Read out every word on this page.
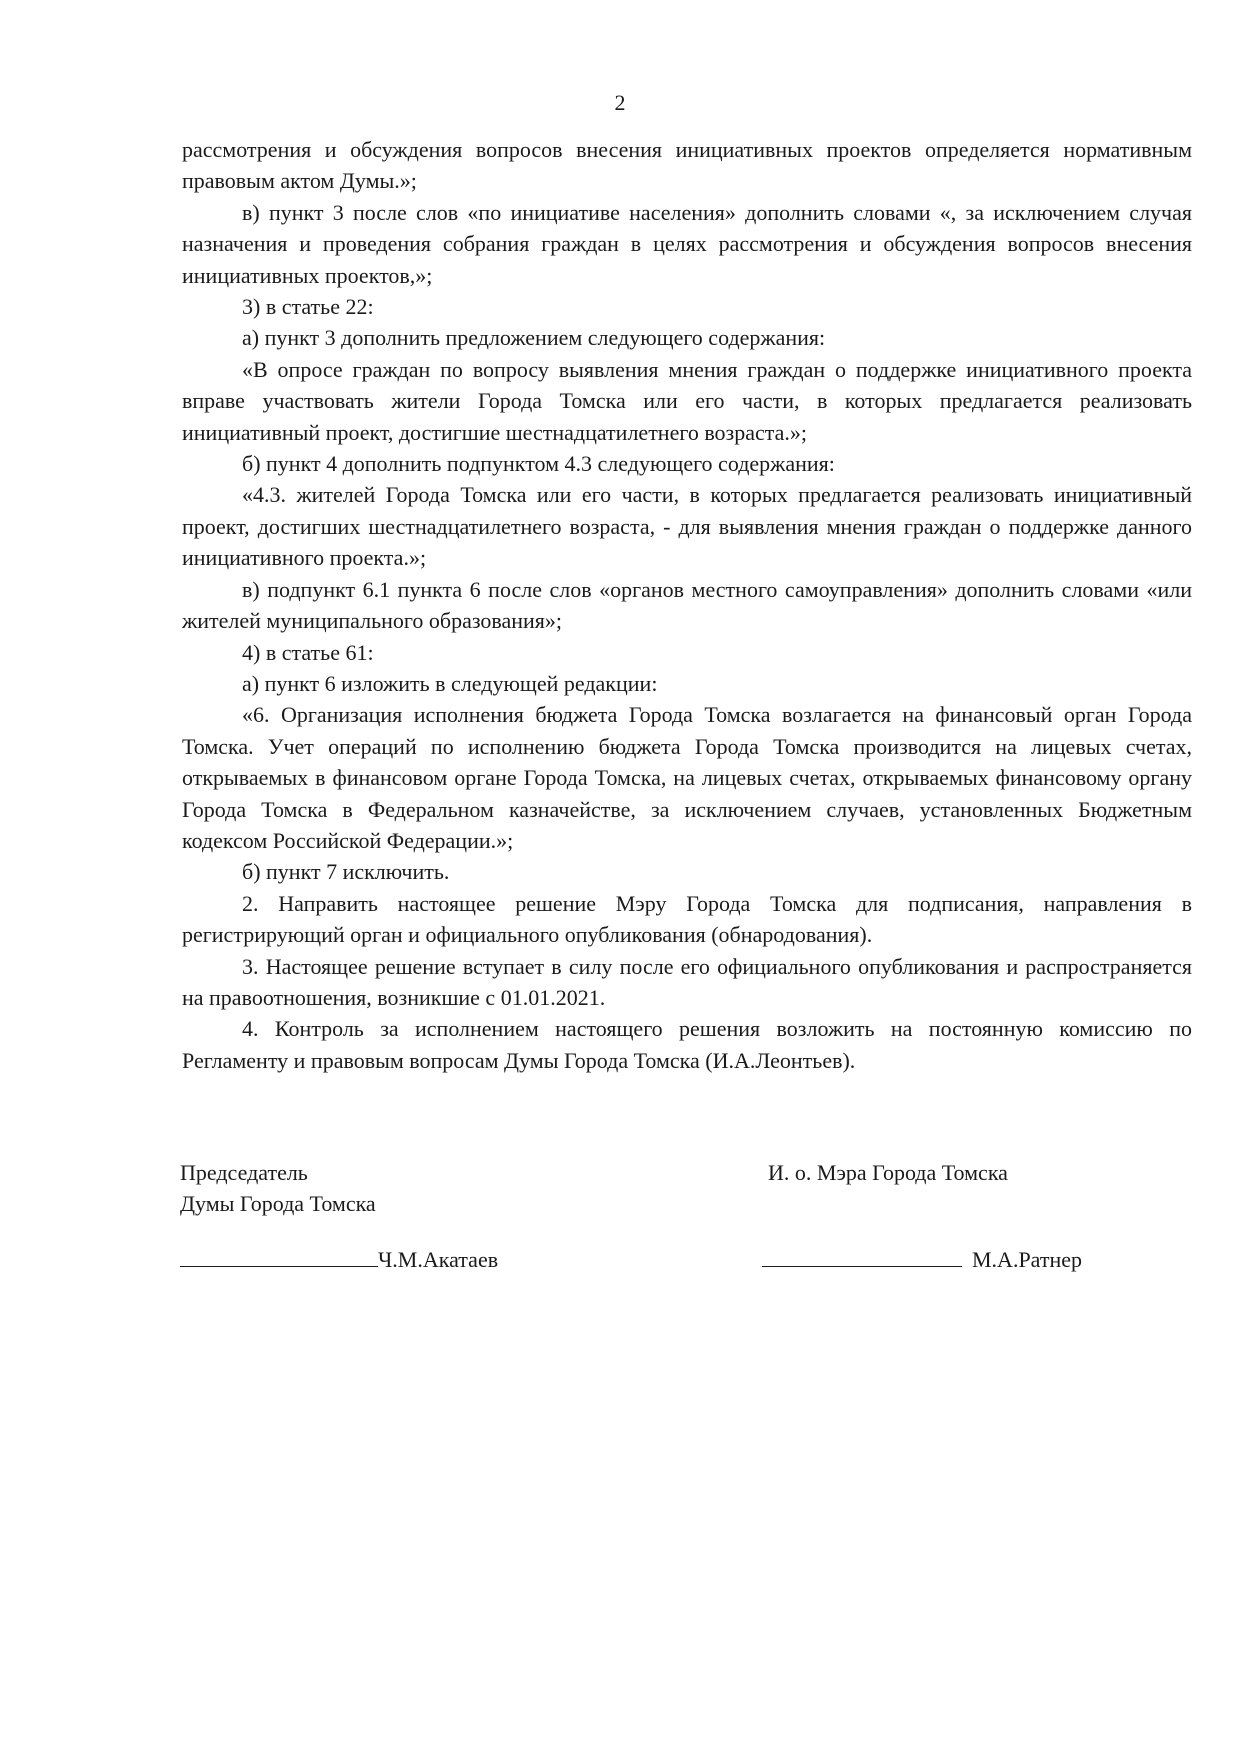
2

рассмотрения и обсуждения вопросов внесения инициативных проектов определяется нормативным правовым актом Думы.»;

в) пункт 3 после слов «по инициативе населения» дополнить словами «, за исключением случая назначения и проведения собрания граждан в целях рассмотрения и обсуждения вопросов внесения инициативных проектов,»;

3) в статье 22:

а) пункт 3 дополнить предложением следующего содержания:

«В опросе граждан по вопросу выявления мнения граждан о поддержке инициативного проекта вправе участвовать жители Города Томска или его части, в которых предлагается реализовать инициативный проект, достигшие шестнадцатилетнего возраста.»;

б) пункт 4 дополнить подпунктом 4.3 следующего содержания:

«4.3. жителей Города Томска или его части, в которых предлагается реализовать инициативный проект, достигших шестнадцатилетнего возраста, - для выявления мнения граждан о поддержке данного инициативного проекта.»;

в) подпункт 6.1 пункта 6 после слов «органов местного самоуправления» дополнить словами «или жителей муниципального образования»;

4) в статье 61:

а) пункт 6 изложить в следующей редакции:

«6. Организация исполнения бюджета Города Томска возлагается на финансовый орган Города Томска. Учет операций по исполнению бюджета Города Томска производится на лицевых счетах, открываемых в финансовом органе Города Томска, на лицевых счетах, открываемых финансовому органу Города Томска в Федеральном казначействе, за исключением случаев, установленных Бюджетным кодексом Российской Федерации.»;

б) пункт 7 исключить.

2. Направить настоящее решение Мэру Города Томска для подписания, направления в регистрирующий орган и официального опубликования (обнародования).

3. Настоящее решение вступает в силу после его официального опубликования и распространяется на правоотношения, возникшие с 01.01.2021.

4. Контроль за исполнением настоящего решения возложить на постоянную комиссию по Регламенту и правовым вопросам Думы Города Томска (И.А.Леонтьев).

Председатель
Думы Города Томска
И. о. Мэра Города Томска
Ч.М.Акатаев	М.А.Ратнер
